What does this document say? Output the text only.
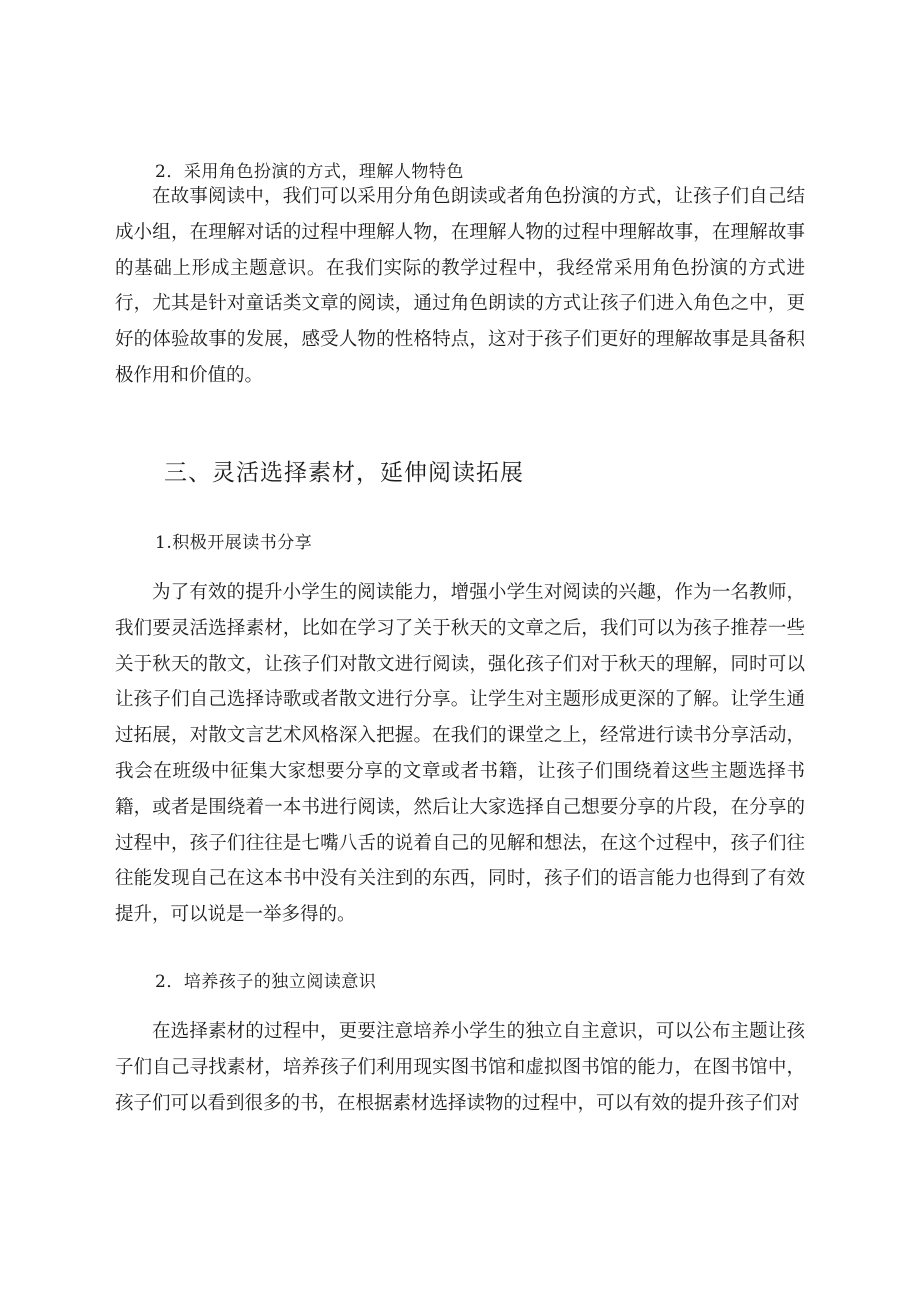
2．采用角色扮演的方式，理解人物特色

在故事阅读中，我们可以采用分角色朗读或者角色扮演的方式，让孩子们自己结成小组，在理解对话的过程中理解人物，在理解人物的过程中理解故事，在理解故事的基础上形成主题意识。在我们实际的教学过程中，我经常采用角色扮演的方式进行，尤其是针对童话类文章的阅读，通过角色朗读的方式让孩子们进入角色之中，更好的体验故事的发展，感受人物的性格特点，这对于孩子们更好的理解故事是具备积极作用和价值的。

三、灵活选择素材，延伸阅读拓展
1.积极开展读书分享

为了有效的提升小学生的阅读能力，增强小学生对阅读的兴趣，作为一名教师，我们要灵活选择素材，比如在学习了关于秋天的文章之后，我们可以为孩子推荐一些关于秋天的散文，让孩子们对散文进行阅读，强化孩子们对于秋天的理解，同时可以让孩子们自己选择诗歌或者散文进行分享。让学生对主题形成更深的了解。让学生通过拓展，对散文言艺术风格深入把握。在我们的课堂之上，经常进行读书分享活动，我会在班级中征集大家想要分享的文章或者书籍，让孩子们围绕着这些主题选择书籍，或者是围绕着一本书进行阅读，然后让大家选择自己想要分享的片段，在分享的过程中，孩子们往往是七嘴八舌的说着自己的见解和想法，在这个过程中，孩子们往往能发现自己在这本书中没有关注到的东西，同时，孩子们的语言能力也得到了有效提升，可以说是一举多得的。

2．培养孩子的独立阅读意识

在选择素材的过程中，更要注意培养小学生的独立自主意识，可以公布主题让孩子们自己寻找素材，培养孩子们利用现实图书馆和虚拟图书馆的能力，在图书馆中，孩子们可以看到很多的书，在根据素材选择读物的过程中，可以有效的提升孩子们对
